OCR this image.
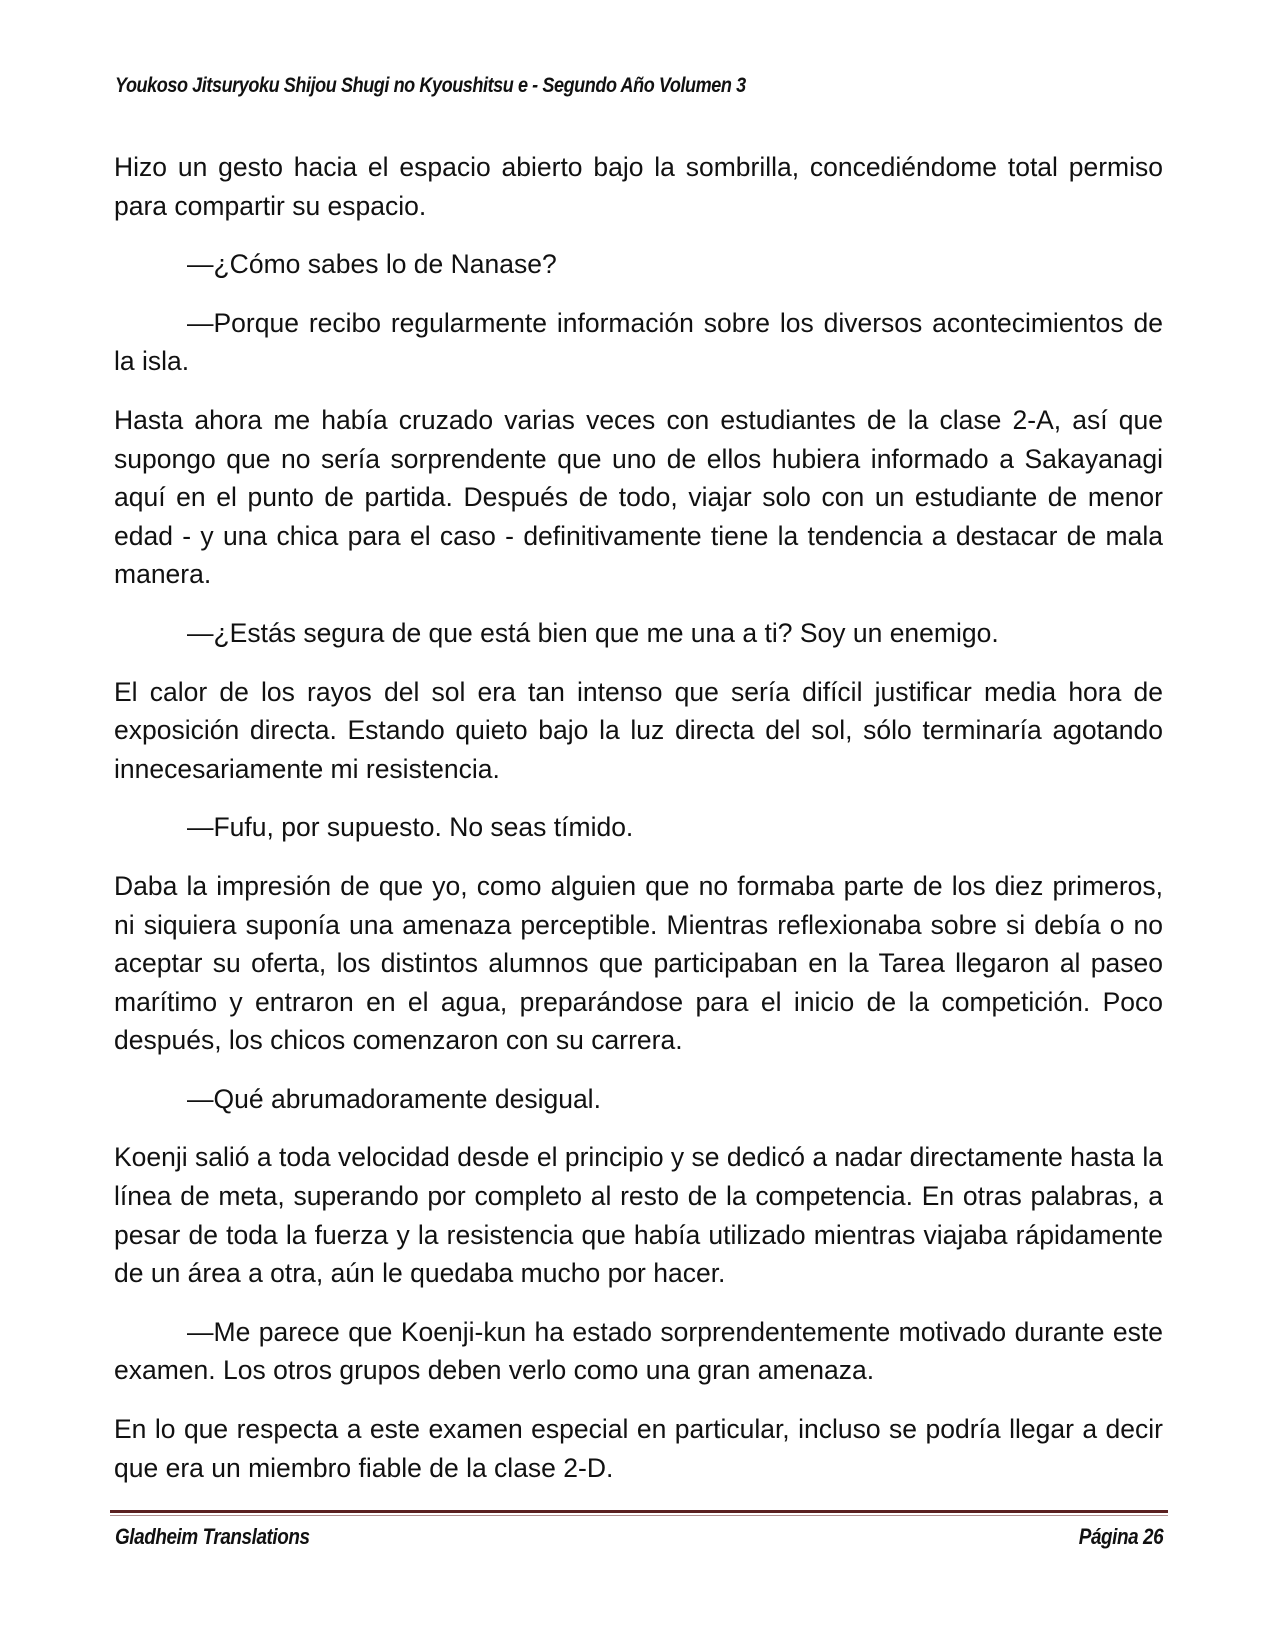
Youkoso Jitsuryoku Shijou Shugi no Kyoushitsu e - Segundo Año Volumen 3

Hizo un gesto hacia el espacio abierto bajo la sombrilla, concediéndome total permiso para compartir su espacio.

—¿Cómo sabes lo de Nanase?

—Porque recibo regularmente información sobre los diversos acontecimientos de la isla.

Hasta ahora me había cruzado varias veces con estudiantes de la clase 2-A, así que supongo que no sería sorprendente que uno de ellos hubiera informado a Sakayanagi aquí en el punto de partida. Después de todo, viajar solo con un estudiante de menor edad - y una chica para el caso - definitivamente tiene la tendencia a destacar de mala manera.

—¿Estás segura de que está bien que me una a ti? Soy un enemigo.

El calor de los rayos del sol era tan intenso que sería difícil justificar media hora de exposición directa. Estando quieto bajo la luz directa del sol, sólo terminaría agotando innecesariamente mi resistencia.

—Fufu, por supuesto. No seas tímido.

Daba la impresión de que yo, como alguien que no formaba parte de los diez primeros, ni siquiera suponía una amenaza perceptible. Mientras reflexionaba sobre si debía o no aceptar su oferta, los distintos alumnos que participaban en la Tarea llegaron al paseo marítimo y entraron en el agua, preparándose para el inicio de la competición. Poco después, los chicos comenzaron con su carrera.

—Qué abrumadoramente desigual.

Koenji salió a toda velocidad desde el principio y se dedicó a nadar directamente hasta la línea de meta, superando por completo al resto de la competencia. En otras palabras, a pesar de toda la fuerza y la resistencia que había utilizado mientras viajaba rápidamente de un área a otra, aún le quedaba mucho por hacer.

—Me parece que Koenji-kun ha estado sorprendentemente motivado durante este examen. Los otros grupos deben verlo como una gran amenaza.

En lo que respecta a este examen especial en particular, incluso se podría llegar a decir que era un miembro fiable de la clase 2-D.

Gladheim Translations	Página 26
